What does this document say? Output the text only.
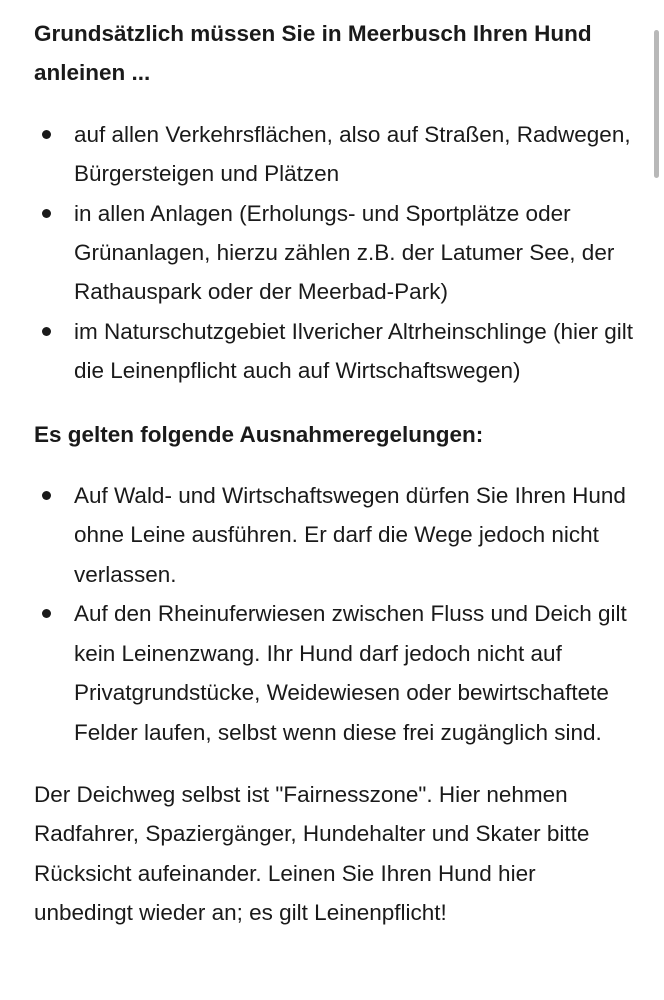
Grundsätzlich müssen Sie in Meerbusch Ihren Hund anleinen ...

auf allen Verkehrsflächen, also auf Straßen, Radwegen, Bürgersteigen und Plätzen
in allen Anlagen (Erholungs- und Sportplätze oder Grünanlagen, hierzu zählen z.B. der Latumer See, der Rathauspark oder der Meerbad-Park)
im Naturschutzgebiet Ilvericher Altrheinschlinge (hier gilt die Leinenpflicht auch auf Wirtschaftswegen)

Es gelten folgende Ausnahmeregelungen:

Auf Wald- und Wirtschaftswegen dürfen Sie Ihren Hund ohne Leine ausführen. Er darf die Wege jedoch nicht verlassen.
Auf den Rheinuferwiesen zwischen Fluss und Deich gilt kein Leinenzwang. Ihr Hund darf jedoch nicht auf Privatgrundstücke, Weidewiesen oder bewirtschaftete Felder laufen, selbst wenn diese frei zugänglich sind.

Der Deichweg selbst ist "Fairnesszone". Hier nehmen Radfahrer, Spaziergänger, Hundehalter und Skater bitte Rücksicht aufeinander. Leinen Sie Ihren Hund hier unbedingt wieder an; es gilt Leinenpflicht!
